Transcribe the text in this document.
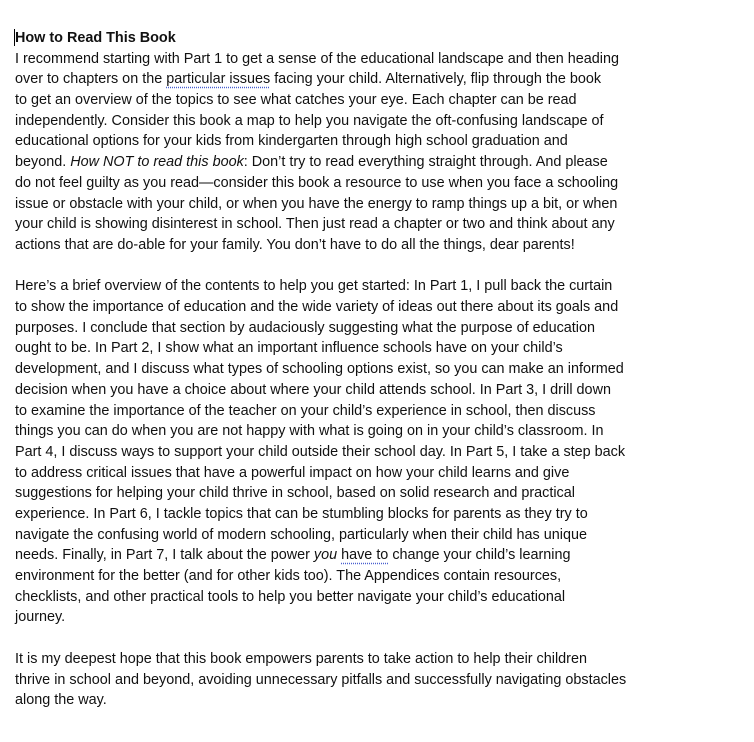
How to Read This Book
I recommend starting with Part 1 to get a sense of the educational landscape and then heading
over to chapters on the particular issues facing your child. Alternatively, flip through the book
to get an overview of the topics to see what catches your eye. Each chapter can be read
independently. Consider this book a map to help you navigate the oft-confusing landscape of
educational options for your kids from kindergarten through high school graduation and
beyond. How NOT to read this book: Don’t try to read everything straight through. And please
do not feel guilty as you read—consider this book a resource to use when you face a schooling
issue or obstacle with your child, or when you have the energy to ramp things up a bit, or when
your child is showing disinterest in school. Then just read a chapter or two and think about any
actions that are do-able for your family. You don’t have to do all the things, dear parents!
Here’s a brief overview of the contents to help you get started: In Part 1, I pull back the curtain
to show the importance of education and the wide variety of ideas out there about its goals and
purposes. I conclude that section by audaciously suggesting what the purpose of education
ought to be. In Part 2, I show what an important influence schools have on your child’s
development, and I discuss what types of schooling options exist, so you can make an informed
decision when you have a choice about where your child attends school. In Part 3, I drill down
to examine the importance of the teacher on your child’s experience in school, then discuss
things you can do when you are not happy with what is going on in your child’s classroom. In
Part 4, I discuss ways to support your child outside their school day. In Part 5, I take a step back
to address critical issues that have a powerful impact on how your child learns and give
suggestions for helping your child thrive in school, based on solid research and practical
experience. In Part 6, I tackle topics that can be stumbling blocks for parents as they try to
navigate the confusing world of modern schooling, particularly when their child has unique
needs. Finally, in Part 7, I talk about the power you have to change your child’s learning
environment for the better (and for other kids too). The Appendices contain resources,
checklists, and other practical tools to help you better navigate your child’s educational
journey.
It is my deepest hope that this book empowers parents to take action to help their children
thrive in school and beyond, avoiding unnecessary pitfalls and successfully navigating obstacles
along the way.
